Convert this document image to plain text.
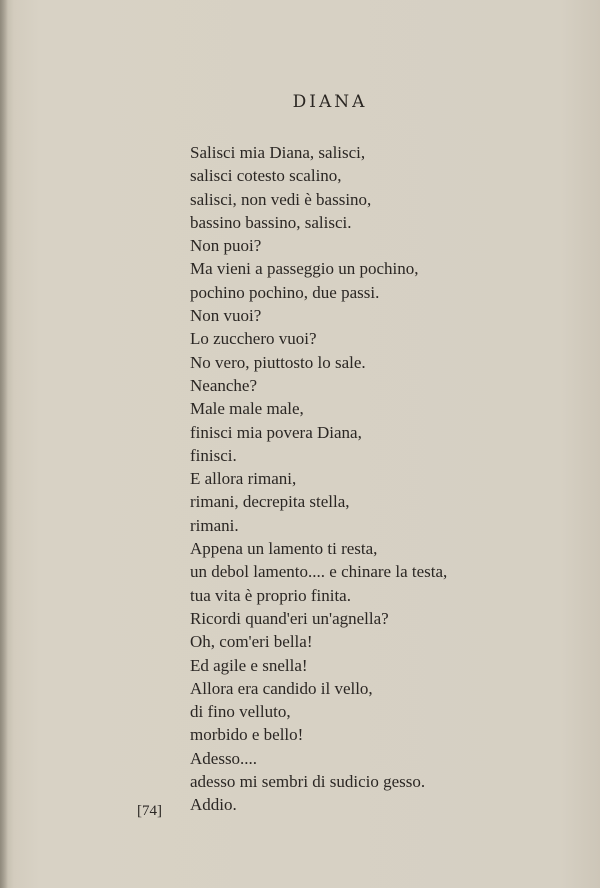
DIANA
Salisci mia Diana, salisci,
salisci cotesto scalino,
salisci, non vedi è bassino,
bassino bassino, salisci.
Non puoi?
Ma vieni a passeggio un pochino,
pochino pochino, due passi.
Non vuoi?
Lo zucchero vuoi?
No vero, piuttosto lo sale.
Neanche?
Male male male,
finisci mia povera Diana,
finisci.
E allora rimani,
rimani, decrepita stella,
rimani.
Appena un lamento ti resta,
un debol lamento.... e chinare la testa,
tua vita è proprio finita.
Ricordi quand'eri un'agnella?
Oh, com'eri bella!
Ed agile e snella!
Allora era candido il vello,
di fino velluto,
morbido e bello!
Adesso....
adesso mi sembri di sudicio gesso.
Addio.
[74]
